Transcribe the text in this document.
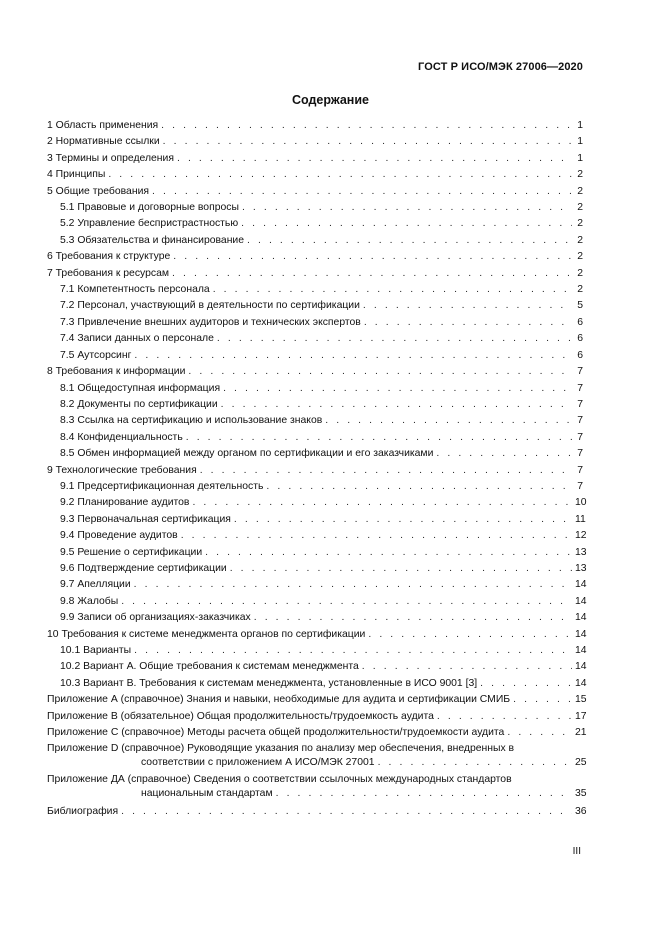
ГОСТ Р ИСО/МЭК 27006—2020
Содержание
1 Область применения . . .	1
2 Нормативные ссылки . . .	1
3 Термины и определения . . .	1
4 Принципы . . .	2
5 Общие требования . . .	2
5.1 Правовые и договорные вопросы . . .	2
5.2 Управление беспристрастностью . . .	2
5.3 Обязательства и финансирование . . .	2
6 Требования к структуре . . .	2
7 Требования к ресурсам . . .	2
7.1 Компетентность персонала . . .	2
7.2 Персонал, участвующий в деятельности по сертификации . . .	5
7.3 Привлечение внешних аудиторов и технических экспертов . . .	6
7.4 Записи данных о персонале . . .	6
7.5 Аутсорсинг . . .	6
8 Требования к информации . . .	7
8.1 Общедоступная информация . . .	7
8.2 Документы по сертификации . . .	7
8.3 Ссылка на сертификацию и использование знаков . . .	7
8.4 Конфиденциальность . . .	7
8.5 Обмен информацией между органом по сертификации и его заказчиками . . .	7
9 Технологические требования . . .	7
9.1 Предсертификационная деятельность . . .	7
9.2 Планирование аудитов . . .	10
9.3 Первоначальная сертификация . . .	11
9.4 Проведение аудитов . . .	12
9.5 Решение о сертификации . . .	13
9.6 Подтверждение сертификации . . .	13
9.7 Апелляции . . .	14
9.8 Жалобы . . .	14
9.9 Записи об организациях-заказчиках . . .	14
10 Требования к системе менеджмента органов по сертификации . . .	14
10.1 Варианты . . .	14
10.2 Вариант А. Общие требования к системам менеджмента . . .	14
10.3 Вариант В. Требования к системам менеджмента, установленные в ИСО 9001 [3] . . .	14
Приложение А (справочное) Знания и навыки, необходимые для аудита и сертификации СМИБ . . .	15
Приложение В (обязательное) Общая продолжительность/трудоемкость аудита . . .	17
Приложение С (справочное) Методы расчета общей продолжительности/трудоемкости аудита . . .	21
Приложение D (справочное) Руководящие указания по анализу мер обеспечения, внедренных в
соответствии с приложением А ИСО/МЭК 27001 . . .	25
Приложение ДА (справочное) Сведения о соответствии ссылочных международных стандартов
национальным стандартам . . .	35
Библиография . . .	36
III
